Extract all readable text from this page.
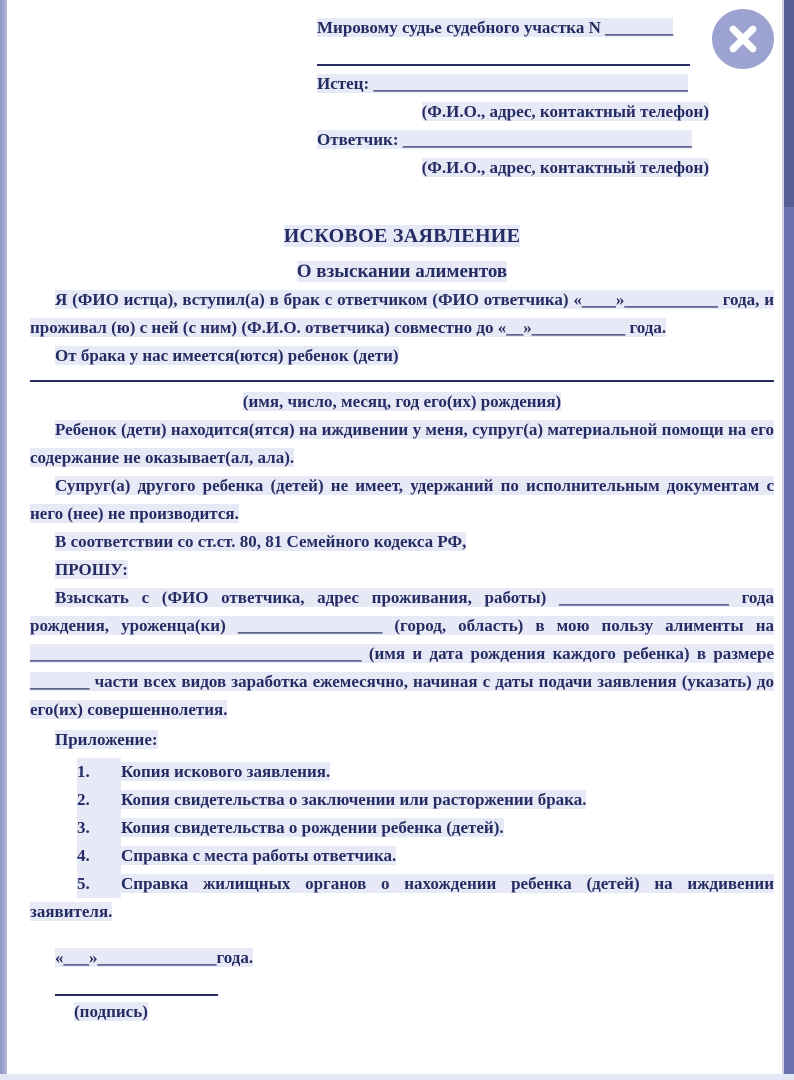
Мировому судье судебного участка N ________
Истец: _____________________________________
(Ф.И.О., адрес, контактный телефон)
Ответчик: __________________________________
(Ф.И.О., адрес, контактный телефон)
ИСКОВОЕ ЗАЯВЛЕНИЕ
О взыскании алиментов

Я (ФИО истца), вступил(а) в брак с ответчиком (ФИО ответчика) «____»___________ года, и проживал (ю) с ней (с ним) (Ф.И.О. ответчика) совместно до «__»___________ года.

От брака у нас имеется(ются) ребенок (дети)

(имя, число, месяц, год его(их) рождения)

Ребенок (дети) находится(ятся) на иждивении у меня, супруг(а) материальной помощи на его содержание не оказывает(ал, ала).

Супруг(а) другого ребенка (детей) не имеет, удержаний по исполнительным документам с него (нее) не производится.

В соответствии со ст.ст. 80, 81 Семейного кодекса РФ,

ПРОШУ:

Взыскать с (ФИО ответчика, адрес проживания, работы) ____________________ года рождения, уроженца(ки) _________________ (город, область) в мою пользу алименты на _______________________________________ (имя и дата рождения каждого ребенка) в размере _______ части всех видов заработка ежемесячно, начиная с даты подачи заявления (указать) до его(их) совершеннолетия.

Приложение:

1. Копия искового заявления.

2. Копия свидетельства о заключении или расторжении брака.

3. Копия свидетельства о рождении ребенка (детей).

4. Справка с места работы ответчика.

5. Справка жилищных органов о нахождении ребенка (детей) на иждивении заявителя.

«___»______________года.

(подпись)
